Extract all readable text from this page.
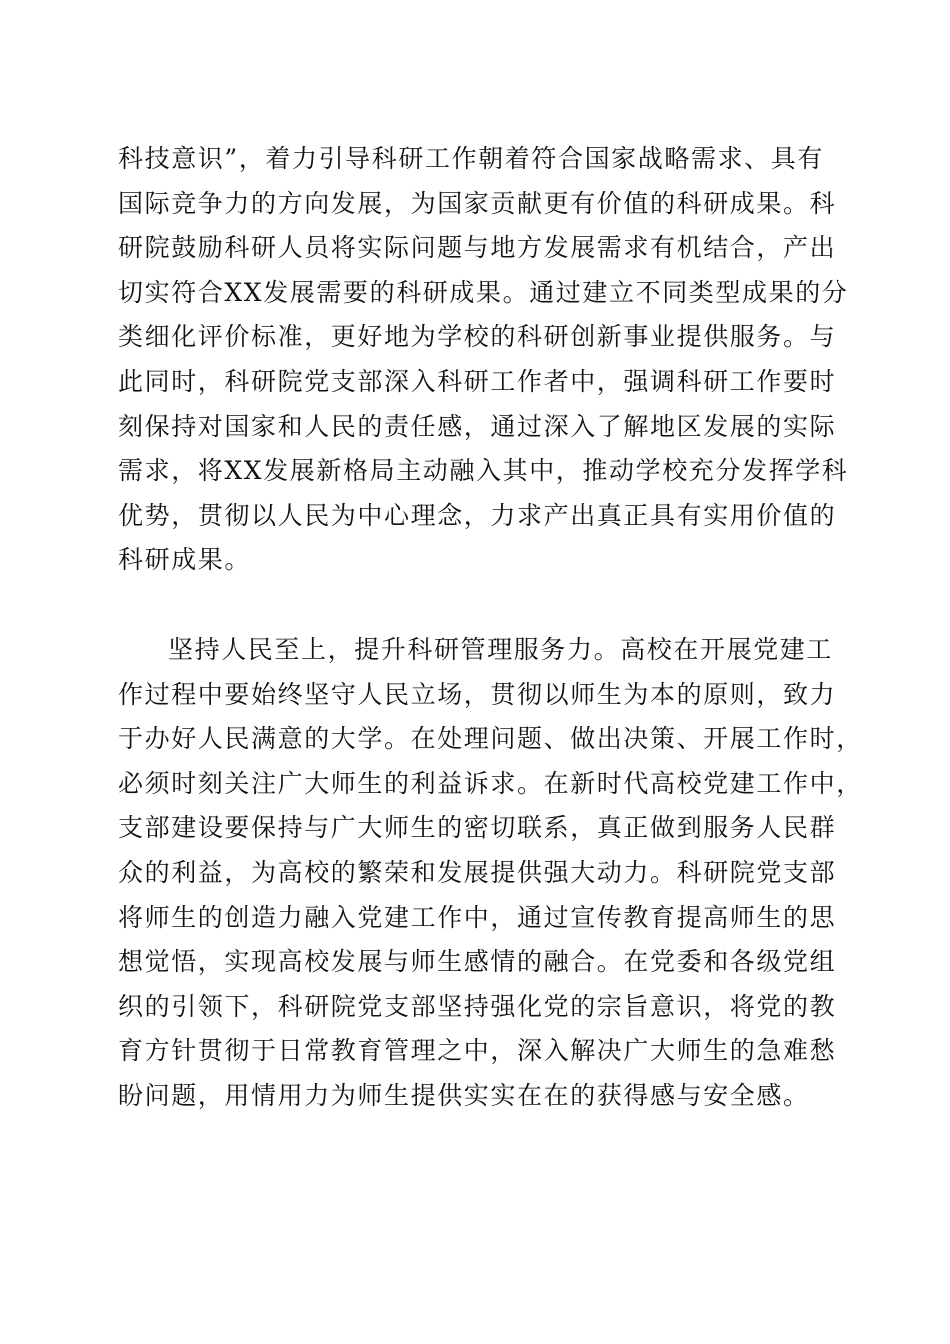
科技意识”，着力引导科研工作朝着符合国家战略需求、具有
国际竞争力的方向发展，为国家贡献更有价值的科研成果。科
研院鼓励科研人员将实际问题与地方发展需求有机结合，产出
切实符合XX发展需要的科研成果。通过建立不同类型成果的分
类细化评价标准，更好地为学校的科研创新事业提供服务。与
此同时，科研院党支部深入科研工作者中，强调科研工作要时
刻保持对国家和人民的责任感，通过深入了解地区发展的实际
需求，将XX发展新格局主动融入其中，推动学校充分发挥学科
优势，贯彻以人民为中心理念，力求产出真正具有实用价值的
科研成果。
坚持人民至上，提升科研管理服务力。高校在开展党建工
作过程中要始终坚守人民立场，贯彻以师生为本的原则，致力
于办好人民满意的大学。在处理问题、做出决策、开展工作时，
必须时刻关注广大师生的利益诉求。在新时代高校党建工作中，
支部建设要保持与广大师生的密切联系，真正做到服务人民群
众的利益，为高校的繁荣和发展提供强大动力。科研院党支部
将师生的创造力融入党建工作中，通过宣传教育提高师生的思
想觉悟，实现高校发展与师生感情的融合。在党委和各级党组
织的引领下，科研院党支部坚持强化党的宗旨意识，将党的教
育方针贯彻于日常教育管理之中，深入解决广大师生的急难愁
盼问题，用情用力为师生提供实实在在的获得感与安全感。
